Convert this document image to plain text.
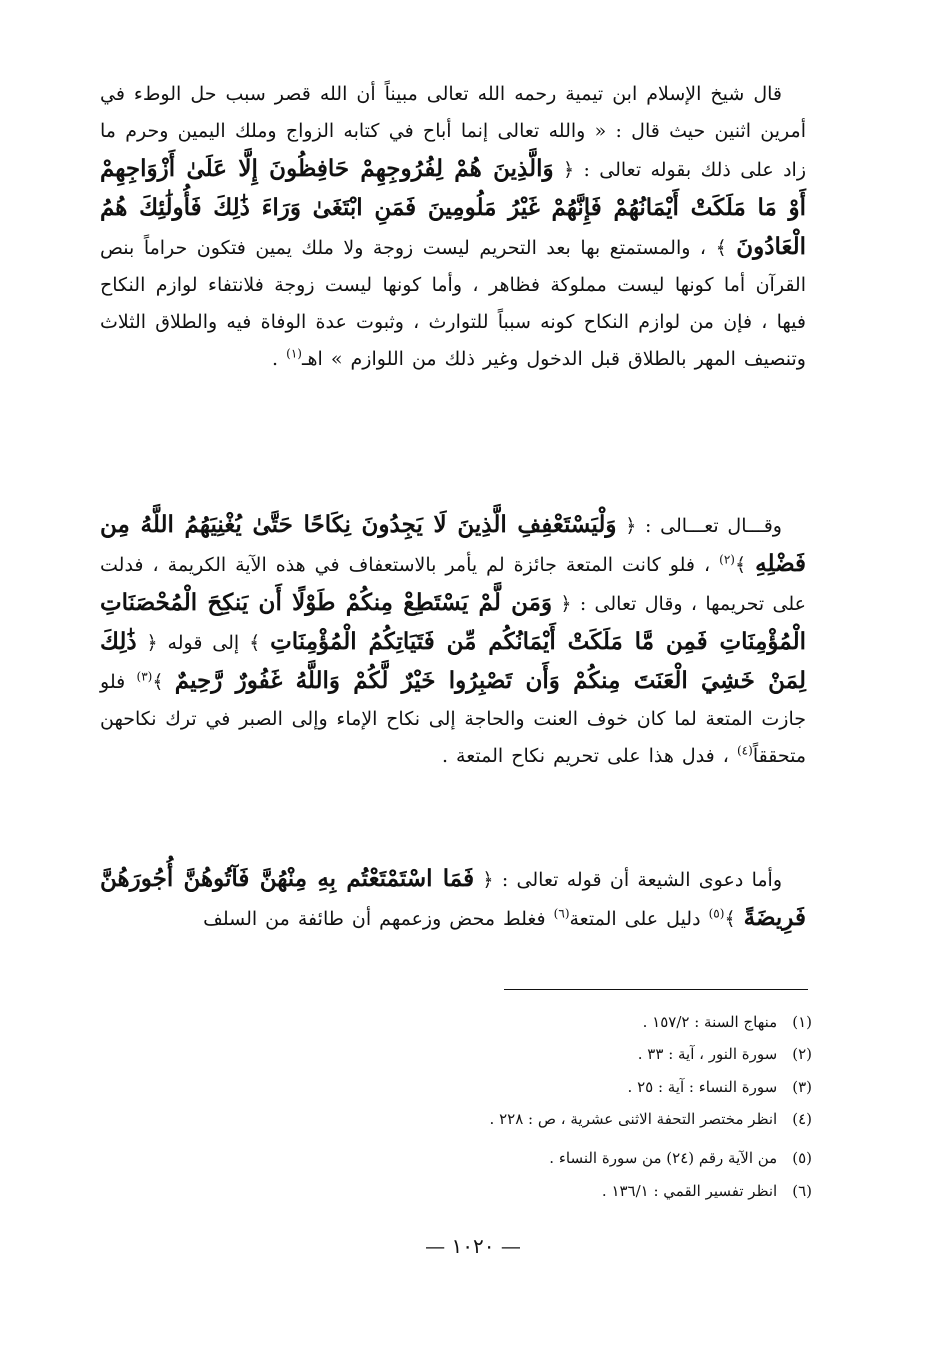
قال شيخ الإسلام ابن تيمية رحمه الله تعالى مبيناً أن الله قصر سبب حل الوطء في أمرين اثنين حيث قال : « والله تعالى إنما أباح في كتابه الزواج وملك اليمين وحرم ما زاد على ذلك بقوله تعالى : ﴿ وَالَّذِينَ هُمْ لِفُرُوجِهِمْ حَافِظُونَ إِلَّا عَلَىٰ أَزْوَاجِهِمْ أَوْ مَا مَلَكَتْ أَيْمَانُهُمْ فَإِنَّهُمْ غَيْرُ مَلُومِينَ فَمَنِ ابْتَغَىٰ وَرَاءَ ذَٰلِكَ فَأُولَٰئِكَ هُمُ الْعَادُونَ ﴾ ، والمستمتع بها بعد التحريم ليست زوجة ولا ملك يمين فتكون حراماً بنص القرآن أما كونها ليست مملوكة فظاهر ، وأما كونها ليست زوجة فلانتفاء لوازم النكاح فيها ، فإن من لوازم النكاح كونه سبباً للتوارث ، وثبوت عدة الوفاة فيه والطلاق الثلاث وتنصيف المهر بالطلاق قبل الدخول وغير ذلك من اللوازم » اهـ$^{(١)}$ .
وقـــال تعـــالى : ﴿ وَلْيَسْتَعْفِفِ الَّذِينَ لَا يَجِدُونَ نِكَاحًا حَتَّىٰ يُغْنِيَهُمُ اللَّهُ مِن فَضْلِهِ ﴾$^{(٢)}$ ، فلو كانت المتعة جائزة لم يأمر بالاستعفاف في هذه الآية الكريمة ، فدلت على تحريمها ، وقال تعالى : ﴿ وَمَن لَّمْ يَسْتَطِعْ مِنكُمْ طَوْلًا أَن يَنكِحَ الْمُحْصَنَاتِ الْمُؤْمِنَاتِ فَمِن مَّا مَلَكَتْ أَيْمَانُكُم مِّن فَتَيَاتِكُمُ الْمُؤْمِنَاتِ ﴾ إلى قوله ﴿ ذَٰلِكَ لِمَنْ خَشِيَ الْعَنَتَ مِنكُمْ وَأَن تَصْبِرُوا خَيْرٌ لَّكُمْ وَاللَّهُ غَفُورٌ رَّحِيمٌ ﴾$^{(٣)}$ فلو جازت المتعة لما كان خوف العنت والحاجة إلى نكاح الإماء وإلى الصبر في ترك نكاحهن متحققاً$^{(٤)}$ ، فدل هذا على تحريم نكاح المتعة .
وأما دعوى الشيعة أن قوله تعالى : ﴿ فَمَا اسْتَمْتَعْتُم بِهِ مِنْهُنَّ فَآتُوهُنَّ أُجُورَهُنَّ فَرِيضَةً ﴾$^{(٥)}$ دليل على المتعة$^{(٦)}$ فغلط محض وزعمهم أن طائفة من السلف
(١) منهاج السنة : ١٥٧/٢ .
(٢) سورة النور ، آية : ٣٣ .
(٣) سورة النساء : آية : ٢٥ .
(٤) انظر مختصر التحفة الاثنى عشرية ، ص : ٢٢٨ .
(٥) من الآية رقم (٢٤) من سورة النساء .
(٦) انظر تفسير القمي : ١٣٦/١ .
— ١٠٢٠ —
